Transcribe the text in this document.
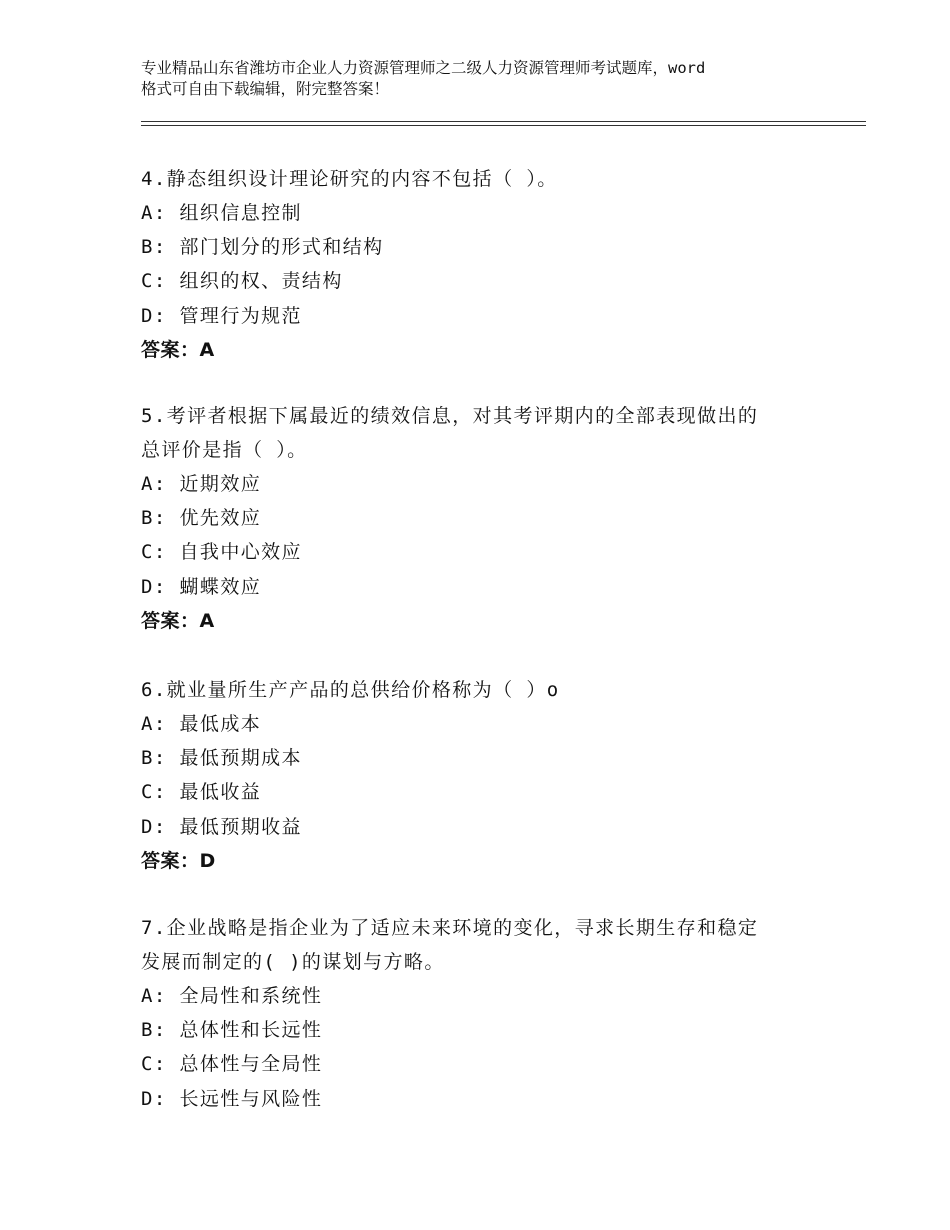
专业精品山东省潍坊市企业人力资源管理师之二级人力资源管理师考试题库，word
格式可自由下载编辑，附完整答案！
4.静态组织设计理论研究的内容不包括（ ）。
A: 组织信息控制
B: 部门划分的形式和结构
C: 组织的权、责结构
D: 管理行为规范
答案：A
5.考评者根据下属最近的绩效信息，对其考评期内的全部表现做出的
总评价是指（ ）。
A: 近期效应
B: 优先效应
C: 自我中心效应
D: 蝴蝶效应
答案：A
6.就业量所生产产品的总供给价格称为（ ）o
A: 最低成本
B: 最低预期成本
C: 最低收益
D: 最低预期收益
答案：D
7.企业战略是指企业为了适应未来环境的变化，寻求长期生存和稳定
发展而制定的( )的谋划与方略。
A: 全局性和系统性
B: 总体性和长远性
C: 总体性与全局性
D: 长远性与风险性
